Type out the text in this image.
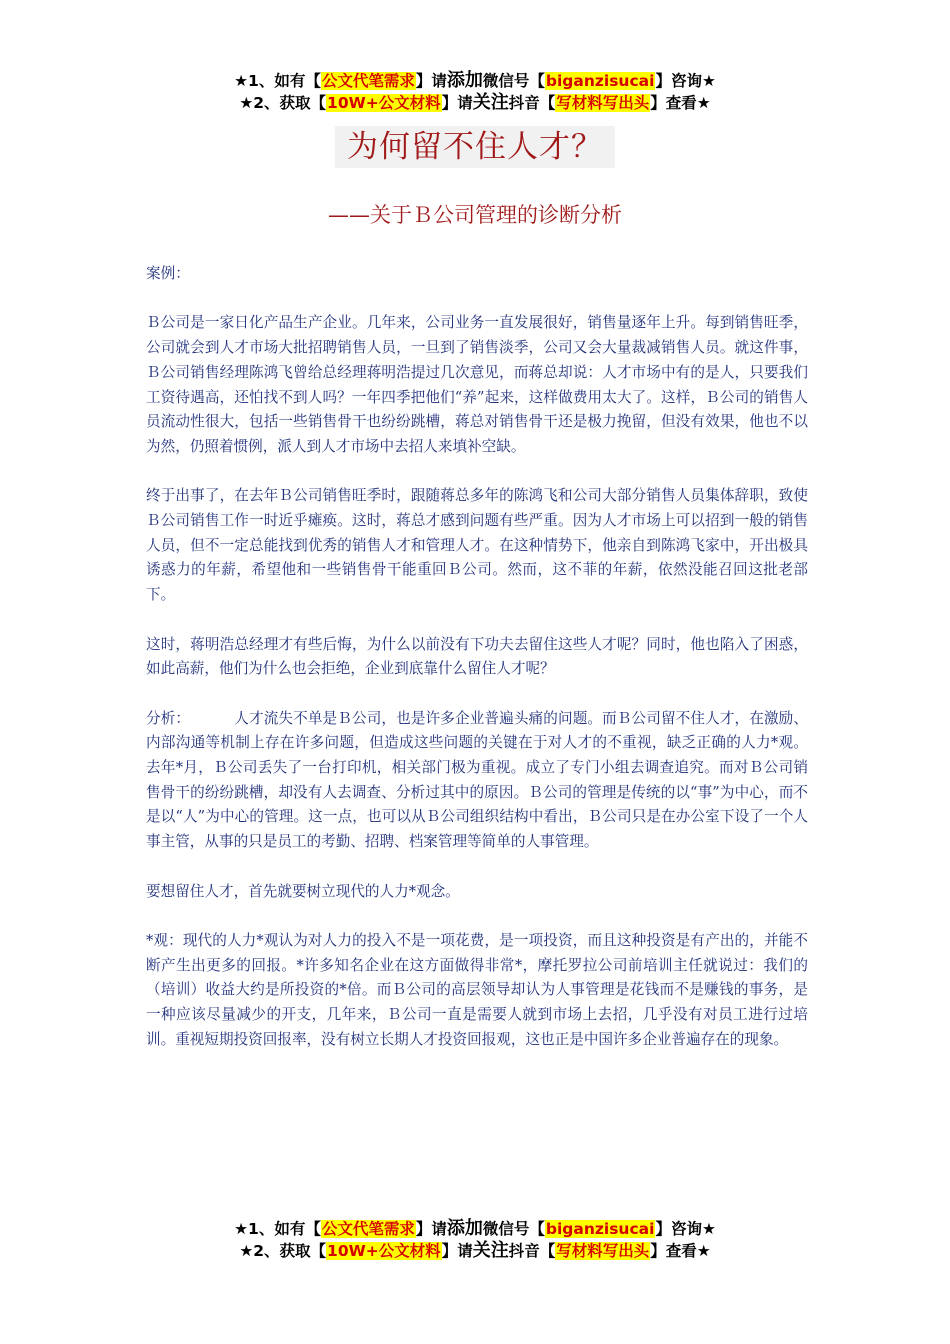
★1、如有【公文代笔需求】请添加微信号【biganzisucai】咨询★
★2、获取【10W+公文材料】请关注抖音【写材料写出头】查看★
为何留不住人才？
——关于Ｂ公司管理的诊断分析

案例：

Ｂ公司是一家日化产品生产企业。几年来，公司业务一直发展很好，销售量逐年上升。每到销售旺季，公司就会到人才市场大批招聘销售人员，一旦到了销售淡季，公司又会大量裁减销售人员。就这件事，Ｂ公司销售经理陈鸿飞曾给总经理蒋明浩提过几次意见，而蒋总却说：人才市场中有的是人，只要我们工资待遇高，还怕找不到人吗？一年四季把他们“养”起来，这样做费用太大了。这样，Ｂ公司的销售人员流动性很大，包括一些销售骨干也纷纷跳槽，蒋总对销售骨干还是极力挽留，但没有效果，他也不以为然，仍照着惯例，派人到人才市场中去招人来填补空缺。

终于出事了，在去年Ｂ公司销售旺季时，跟随蒋总多年的陈鸿飞和公司大部分销售人员集体辞职，致使Ｂ公司销售工作一时近乎瘫痪。这时，蒋总才感到问题有些严重。因为人才市场上可以招到一般的销售人员，但不一定总能找到优秀的销售人才和管理人才。在这种情势下，他亲自到陈鸿飞家中，开出极具诱惑力的年薪，希望他和一些销售骨干能重回Ｂ公司。然而，这不菲的年薪，依然没能召回这批老部下。

这时，蒋明浩总经理才有些后悔，为什么以前没有下功夫去留住这些人才呢？同时，他也陷入了困惑，如此高薪，他们为什么也会拒绝，企业到底靠什么留住人才呢？

分析：	人才流失不单是Ｂ公司，也是许多企业普遍头痛的问题。而Ｂ公司留不住人才，在激励、内部沟通等机制上存在许多问题，但造成这些问题的关键在于对人才的不重视，缺乏正确的人力*观。去年*月，Ｂ公司丢失了一台打印机，相关部门极为重视。成立了专门小组去调查追究。而对Ｂ公司销售骨干的纷纷跳槽，却没有人去调查、分析过其中的原因。Ｂ公司的管理是传统的以“事”为中心，而不是以“人”为中心的管理。这一点，也可以从Ｂ公司组织结构中看出，Ｂ公司只是在办公室下设了一个人事主管，从事的只是员工的考勤、招聘、档案管理等简单的人事管理。

要想留住人才，首先就要树立现代的人力*观念。

*观：现代的人力*观认为对人力的投入不是一项花费，是一项投资，而且这种投资是有产出的，并能不断产生出更多的回报。*许多知名企业在这方面做得非常*，摩托罗拉公司前培训主任就说过：我们的（培训）收益大约是所投资的*倍。而Ｂ公司的高层领导却认为人事管理是花钱而不是赚钱的事务，是一种应该尽量减少的开支，几年来，Ｂ公司一直是需要人就到市场上去招，几乎没有对员工进行过培训。重视短期投资回报率，没有树立长期人才投资回报观，这也正是中国许多企业普遍存在的现象。

★1、如有【公文代笔需求】请添加微信号【biganzisucai】咨询★
★2、获取【10W+公文材料】请关注抖音【写材料写出头】查看★
